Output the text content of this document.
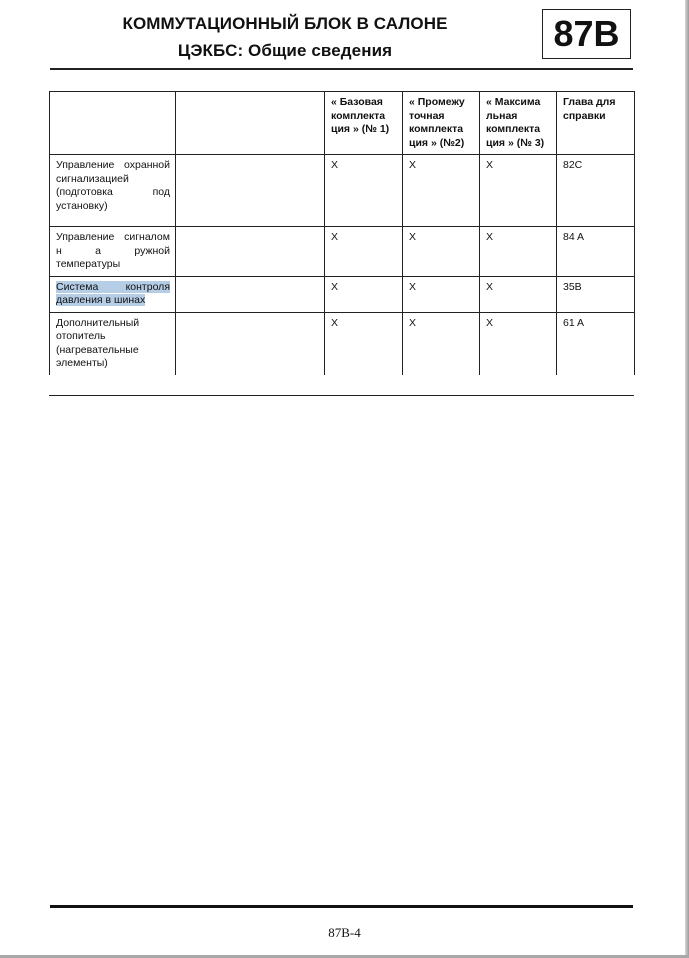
КОММУТАЦИОННЫЙ БЛОК В САЛОНЕ
ЦЭКБС: Общие сведения	87B
		« Базовая комплекта ция » (№ 1)	« Промежу точная комплекта ция » (№2)	« Максима льная комплекта ция » (№ 3)	Глава для справки
Управление охранной сигнализацией (подготовка под установку)		X	X	X	82C
Управление сигналом н а ружной температуры		X	X	X	84 A
Система контроля давления в шинах		X	X	X	35B
Дополнительный отопитель (нагревательные элементы)		X	X	X	61 A
87B-4
